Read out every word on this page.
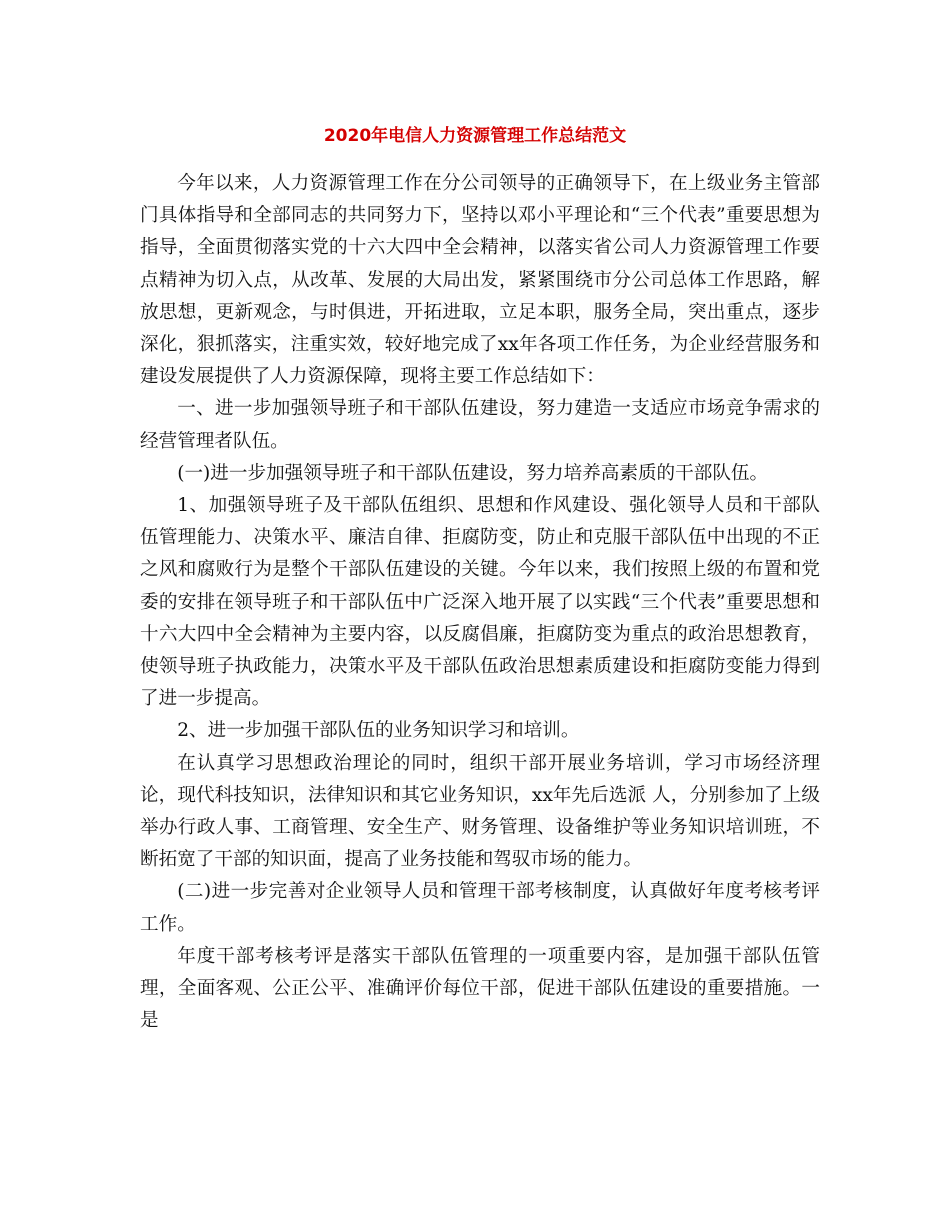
2020年电信人力资源管理工作总结范文

今年以来，人力资源管理工作在分公司领导的正确领导下，在上级业务主管部门具体指导和全部同志的共同努力下，坚持以邓小平理论和“三个代表”重要思想为指导，全面贯彻落实党的十六大四中全会精神，以落实省公司人力资源管理工作要点精神为切入点，从改革、发展的大局出发，紧紧围绕市分公司总体工作思路，解放思想，更新观念，与时俱进，开拓进取，立足本职，服务全局，突出重点，逐步深化，狠抓落实，注重实效，较好地完成了xx年各项工作任务，为企业经营服务和建设发展提供了人力资源保障，现将主要工作总结如下：

一、进一步加强领导班子和干部队伍建设，努力建造一支适应市场竞争需求的经营管理者队伍。

(一)进一步加强领导班子和干部队伍建设，努力培养高素质的干部队伍。

1、加强领导班子及干部队伍组织、思想和作风建设、强化领导人员和干部队伍管理能力、决策水平、廉洁自律、拒腐防变，防止和克服干部队伍中出现的不正之风和腐败行为是整个干部队伍建设的关键。今年以来，我们按照上级的布置和党委的安排在领导班子和干部队伍中广泛深入地开展了以实践“三个代表”重要思想和十六大四中全会精神为主要内容，以反腐倡廉，拒腐防变为重点的政治思想教育，使领导班子执政能力，决策水平及干部队伍政治思想素质建设和拒腐防变能力得到了进一步提高。

2、进一步加强干部队伍的业务知识学习和培训。

在认真学习思想政治理论的同时，组织干部开展业务培训，学习市场经济理论，现代科技知识，法律知识和其它业务知识，xx年先后选派 人，分别参加了上级举办行政人事、工商管理、安全生产、财务管理、设备维护等业务知识培训班，不断拓宽了干部的知识面，提高了业务技能和驾驭市场的能力。

(二)进一步完善对企业领导人员和管理干部考核制度，认真做好年度考核考评工作。

年度干部考核考评是落实干部队伍管理的一项重要内容，是加强干部队伍管理，全面客观、公正公平、准确评价每位干部，促进干部队伍建设的重要措施。一是
